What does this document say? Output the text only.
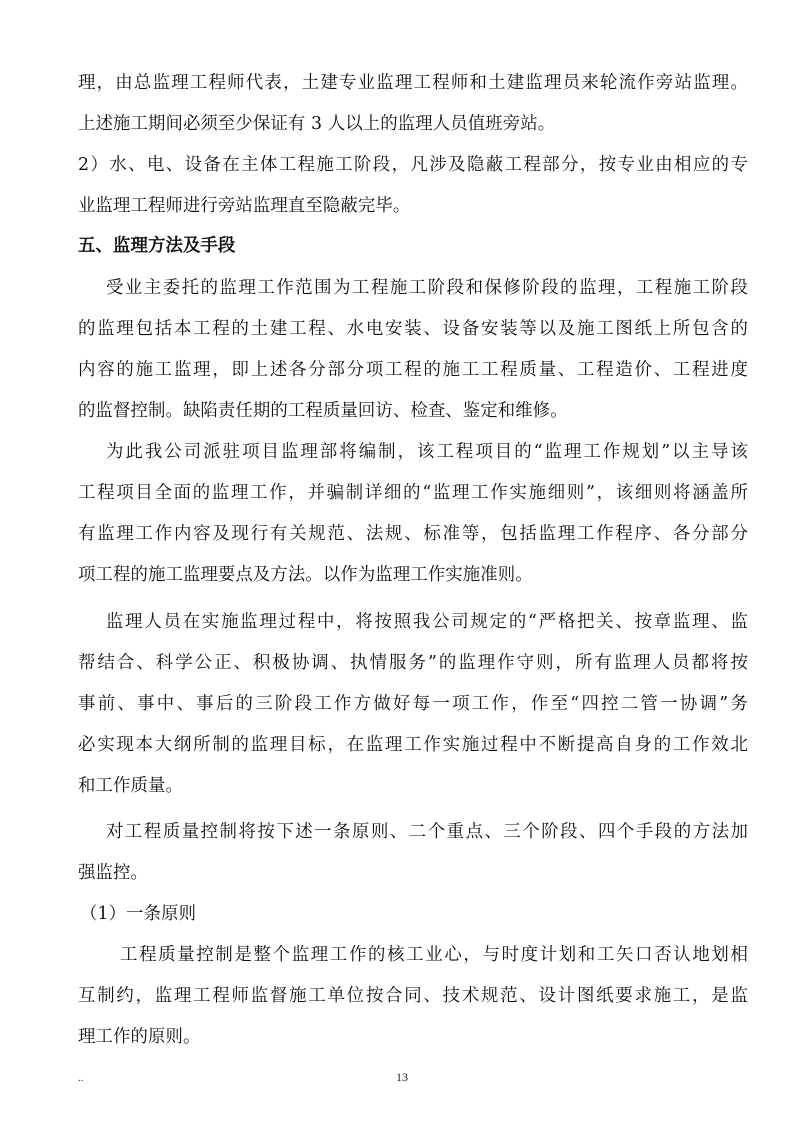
理，由总监理工程师代表，土建专业监理工程师和土建监理员来轮流作旁站监理。
上述施工期间必须至少保证有 3 人以上的监理人员值班旁站。
2）水、电、设备在主体工程施工阶段，凡涉及隐蔽工程部分，按专业由相应的专
业监理工程师进行旁站监理直至隐蔽完毕。
五、监理方法及手段
受业主委托的监理工作范围为工程施工阶段和保修阶段的监理，工程施工阶段
的监理包括本工程的土建工程、水电安装、设备安装等以及施工图纸上所包含的
内容的施工监理，即上述各分部分项工程的施工工程质量、工程造价、工程进度
的监督控制。缺陷责任期的工程质量回访、检查、鉴定和维修。
为此我公司派驻项目监理部将编制，该工程项目的“监理工作规划”以主导该
工程项目全面的监理工作，并骗制详细的“监理工作实施细则”，该细则将涵盖所
有监理工作内容及现行有关规范、法规、标准等，包括监理工作程序、各分部分
项工程的施工监理要点及方法。以作为监理工作实施准则。
监理人员在实施监理过程中，将按照我公司规定的“严格把关、按章监理、监
帮结合、科学公正、积极协调、执情服务”的监理作守则，所有监理人员都将按
事前、事中、事后的三阶段工作方做好每一项工作，作至“四控二管一协调”务
必实现本大纲所制的监理目标，在监理工作实施过程中不断提高自身的工作效北
和工作质量。
对工程质量控制将按下述一条原则、二个重点、三个阶段、四个手段的方法加
强监控。
（1）一条原则
工程质量控制是整个监理工作的核工业心，与时度计划和工矢口否认地划相
互制约，监理工程师监督施工单位按合同、技术规范、设计图纸要求施工，是监
理工作的原则。
..	13
